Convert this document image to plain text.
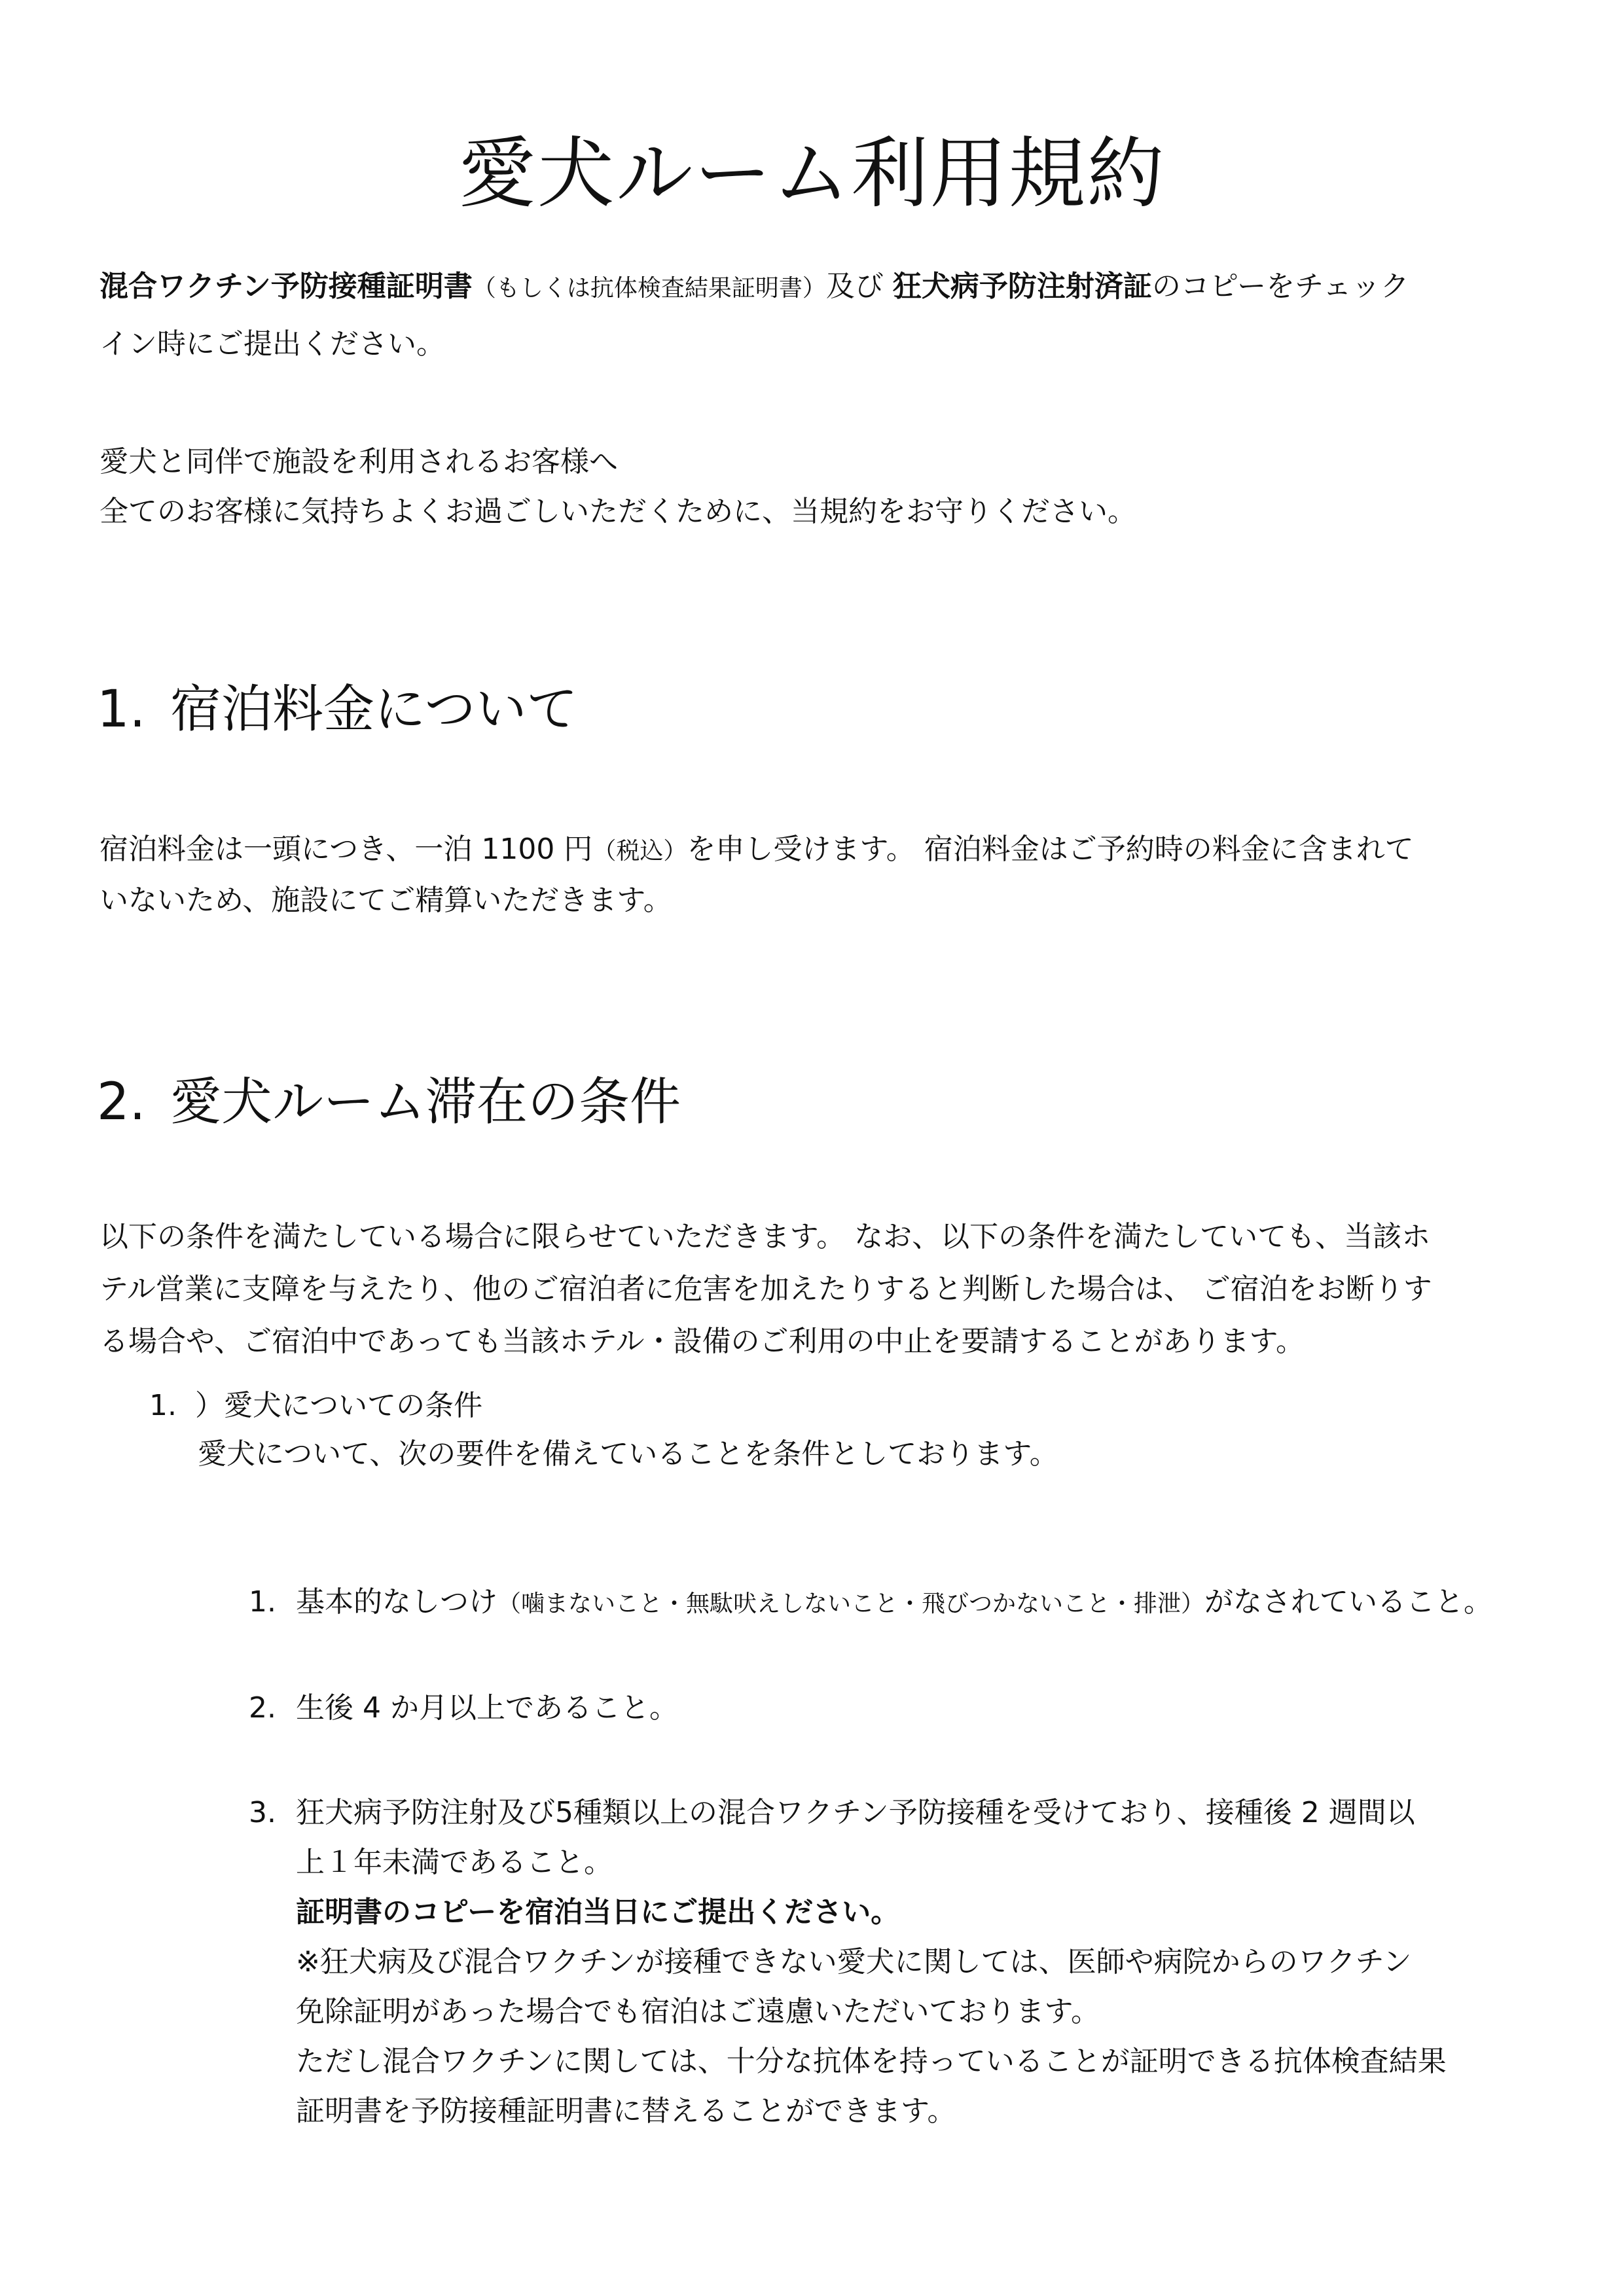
愛犬ルーム利用規約
混合ワクチン予防接種証明書（もしくは抗体検査結果証明書）及び 狂犬病予防注射済証のコピーをチェック
イン時にご提出ください。
愛犬と同伴で施設を利用されるお客様へ
全てのお客様に気持ちよくお過ごしいただくために、当規約をお守りください。
1. 宿泊料金について
宿泊料金は一頭につき、一泊 1100 円（税込）を申し受けます。 宿泊料金はご予約時の料金に含まれて
いないため、施設にてご精算いただきます。
2. 愛犬ルーム滞在の条件
以下の条件を満たしている場合に限らせていただきます。 なお、以下の条件を満たしていても、当該ホ
テル営業に支障を与えたり、他のご宿泊者に危害を加えたりすると判断した場合は、 ご宿泊をお断りす
る場合や、ご宿泊中であっても当該ホテル・設備のご利用の中止を要請することがあります。
1. ）愛犬についての条件
愛犬について、次の要件を備えていることを条件としております。
1. 基本的なしつけ（噛まないこと・無駄吠えしないこと・飛びつかないこと・排泄）がなされていること。
2. 生後 4 か月以上であること。
3. 狂犬病予防注射及び5種類以上の混合ワクチン予防接種を受けており、接種後 2 週間以
上１年未満であること。
証明書のコピーを宿泊当日にご提出ください。
※狂犬病及び混合ワクチンが接種できない愛犬に関しては、医師や病院からのワクチン
免除証明があった場合でも宿泊はご遠慮いただいております。
ただし混合ワクチンに関しては、十分な抗体を持っていることが証明できる抗体検査結果
証明書を予防接種証明書に替えることができます。
